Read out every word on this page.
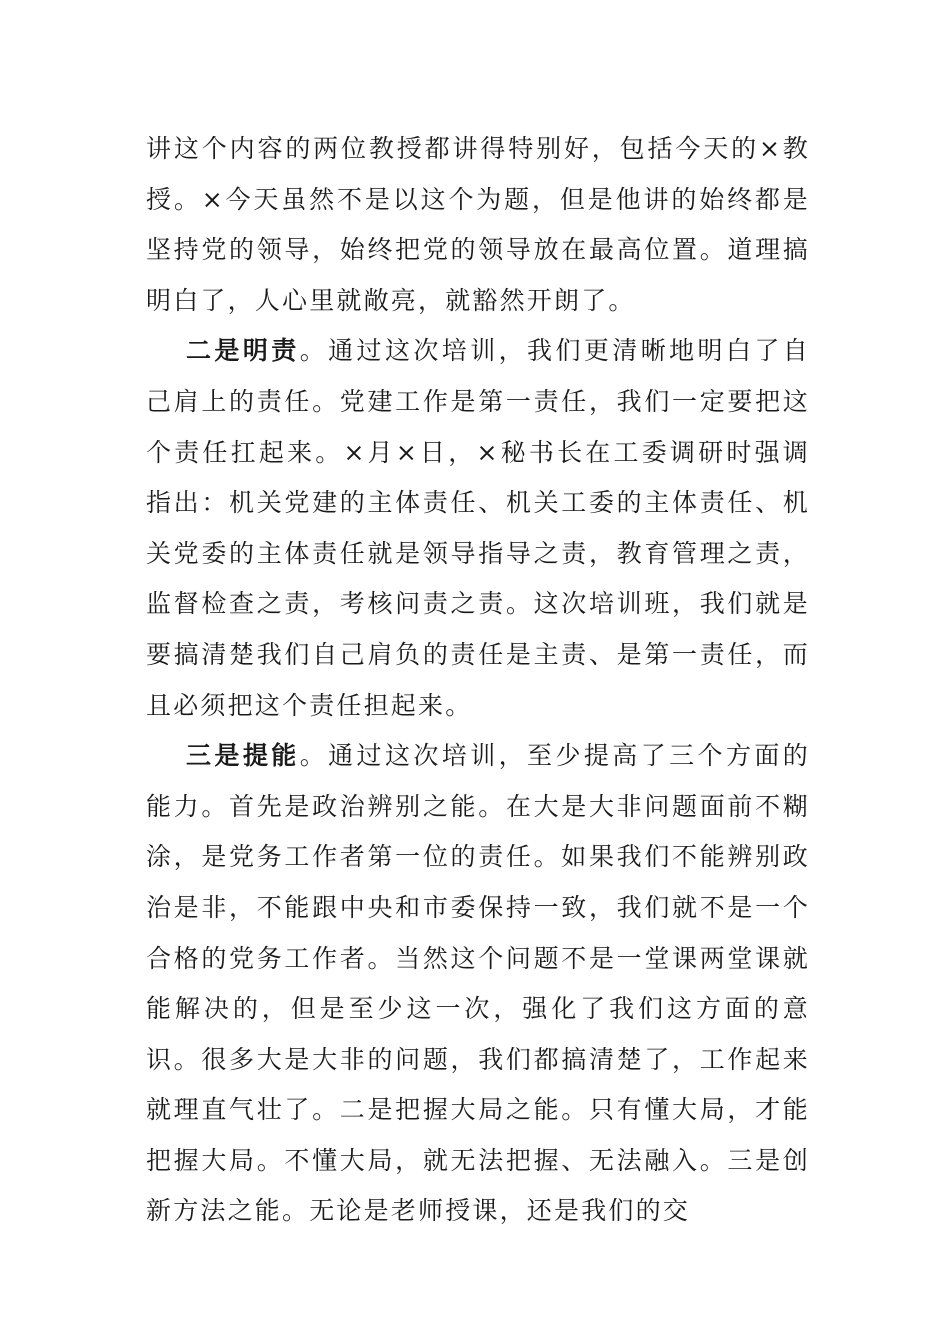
讲这个内容的两位教授都讲得特别好，包括今天的×教授。×今天虽然不是以这个为题，但是他讲的始终都是坚持党的领导，始终把党的领导放在最高位置。道理搞明白了，人心里就敞亮，就豁然开朗了。

二是明责。通过这次培训，我们更清晰地明白了自己肩上的责任。党建工作是第一责任，我们一定要把这个责任扛起来。×月×日，×秘书长在工委调研时强调指出：机关党建的主体责任、机关工委的主体责任、机关党委的主体责任就是领导指导之责，教育管理之责，监督检查之责，考核问责之责。这次培训班，我们就是要搞清楚我们自己肩负的责任是主责、是第一责任，而且必须把这个责任担起来。

三是提能。通过这次培训，至少提高了三个方面的能力。首先是政治辨别之能。在大是大非问题面前不糊涂，是党务工作者第一位的责任。如果我们不能辨别政治是非，不能跟中央和市委保持一致，我们就不是一个合格的党务工作者。当然这个问题不是一堂课两堂课就能解决的，但是至少这一次，强化了我们这方面的意识。很多大是大非的问题，我们都搞清楚了，工作起来就理直气壮了。二是把握大局之能。只有懂大局，才能把握大局。不懂大局，就无法把握、无法融入。三是创新方法之能。无论是老师授课，还是我们的交
